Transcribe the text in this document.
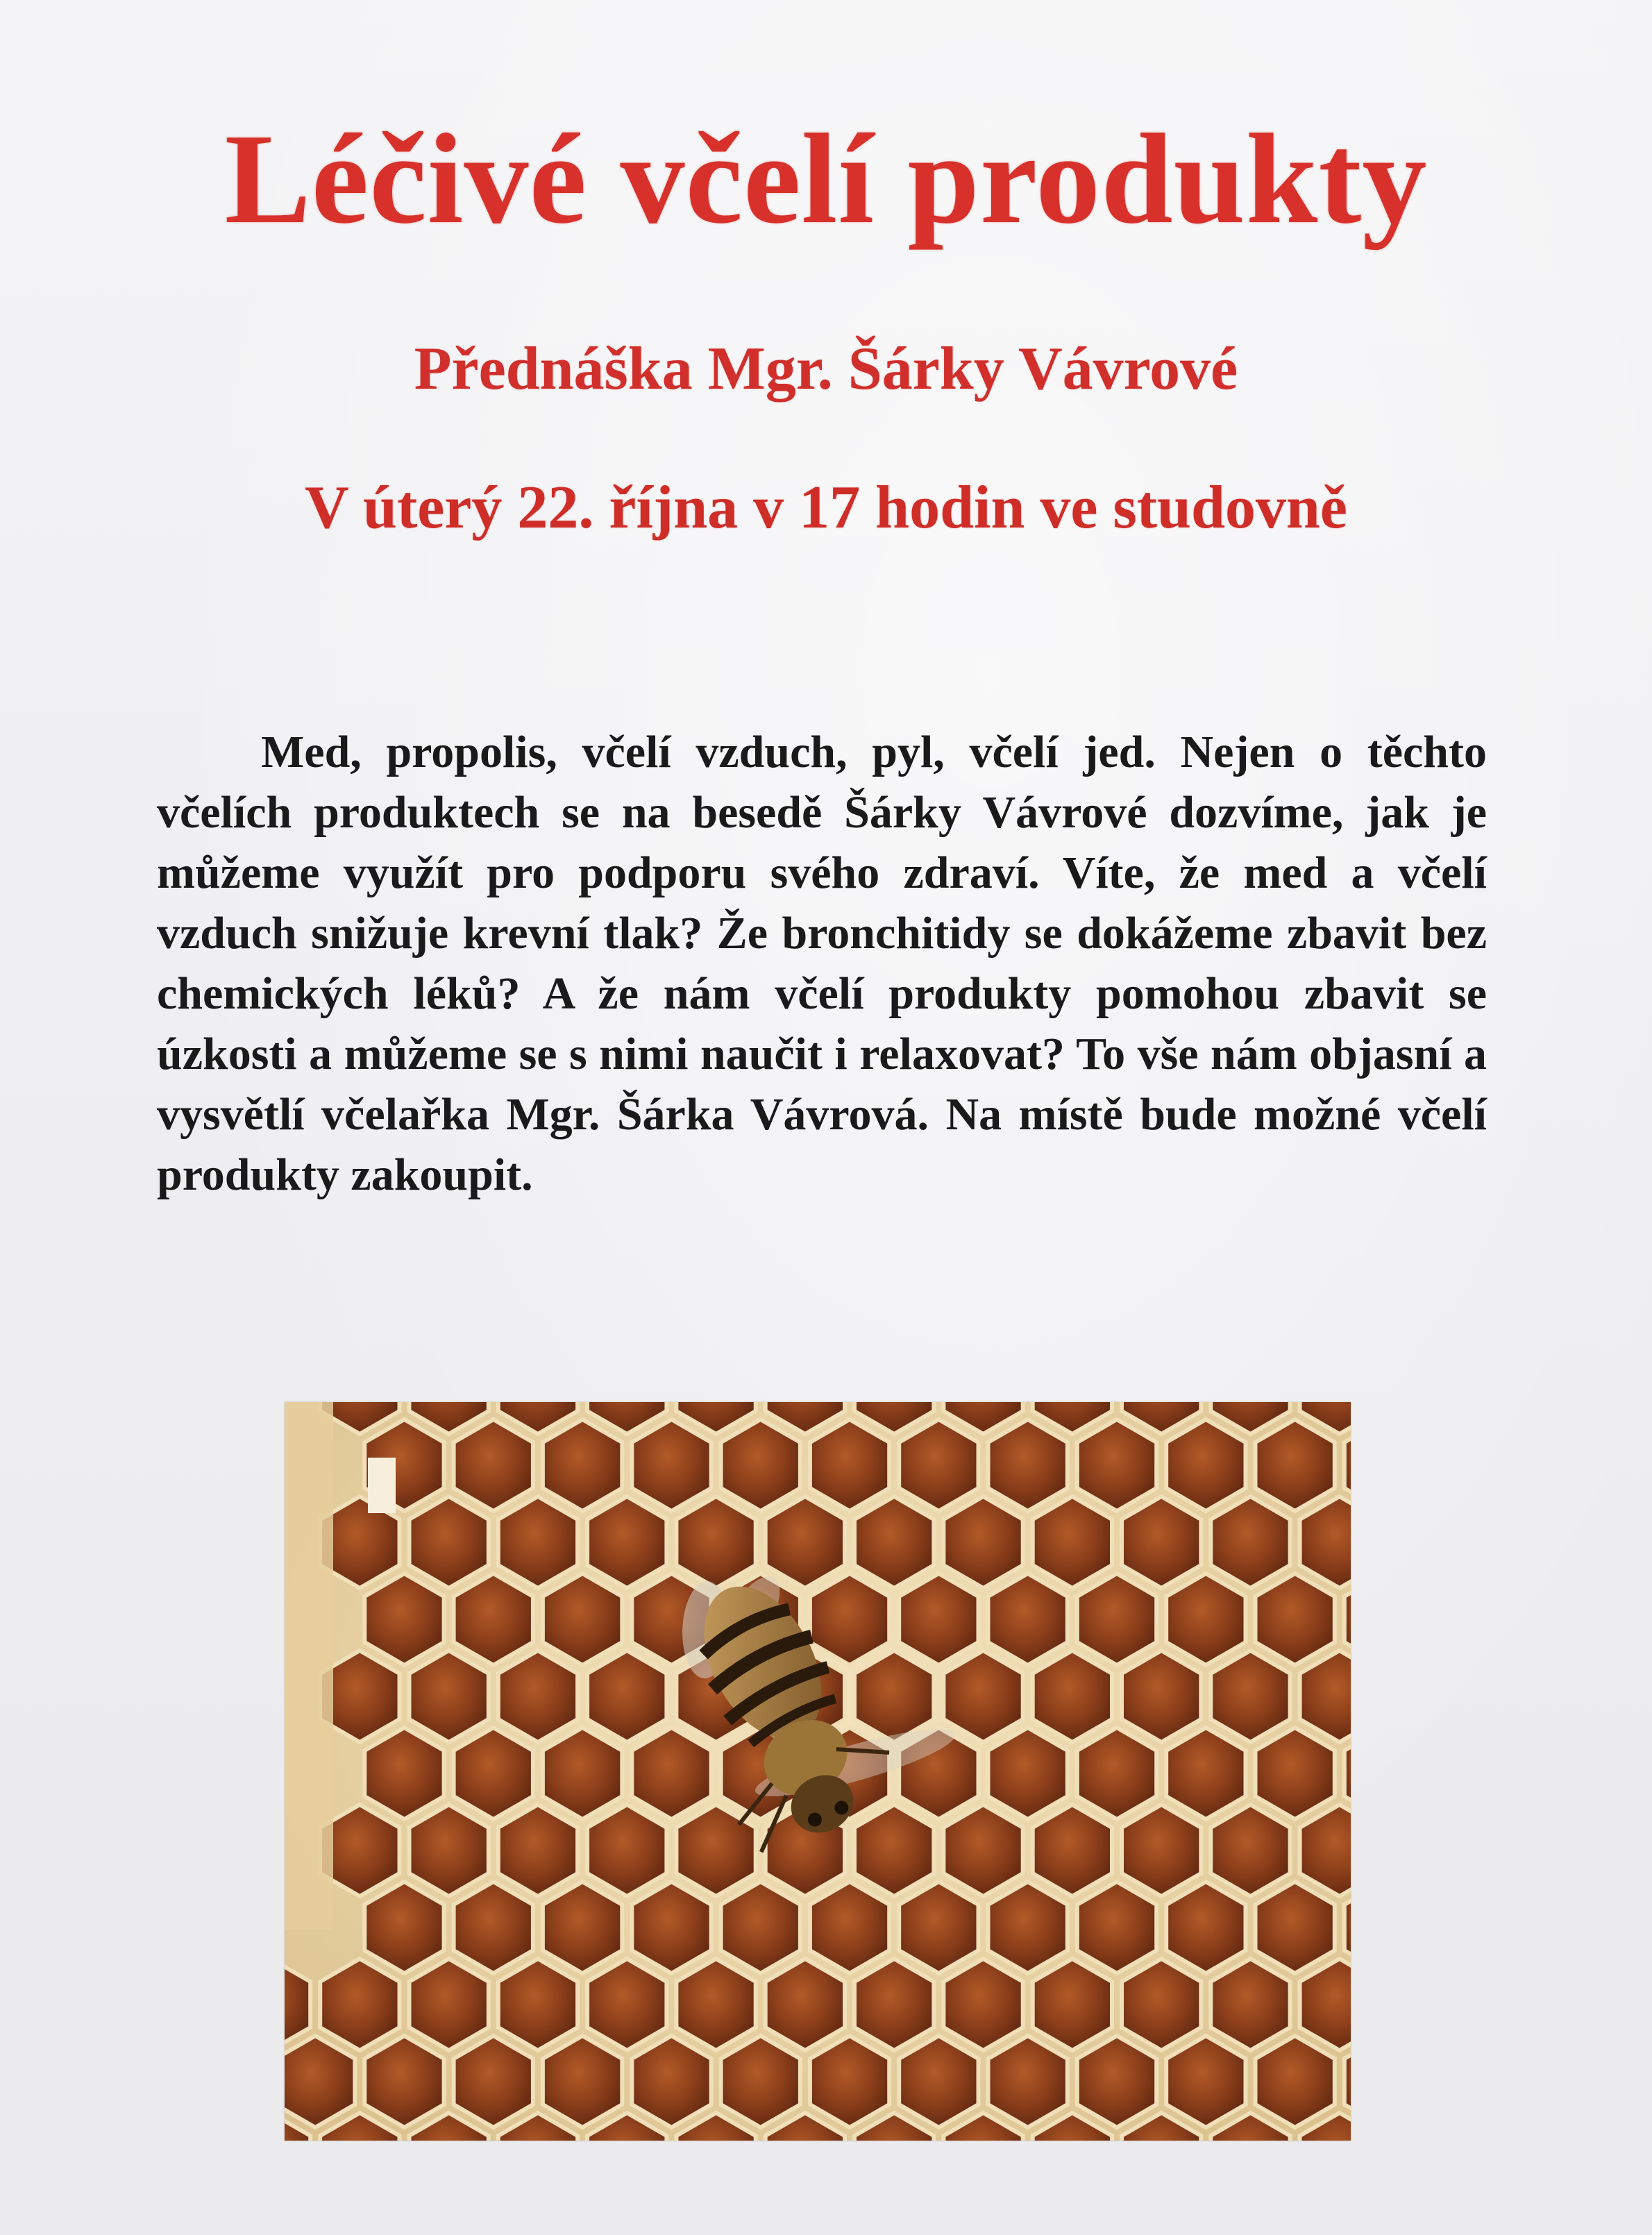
Léčivé včelí produkty
Přednáška Mgr. Šárky Vávrové
V úterý 22. října v 17 hodin ve studovně

Med, propolis, včelí vzduch, pyl, včelí jed. Nejen o těchto včelích produktech se na besedě Šárky Vávrové dozvíme, jak je můžeme využít pro podporu svého zdraví. Víte, že med a včelí vzduch snižuje krevní tlak? Že bronchitidy se dokážeme zbavit bez chemických léků? A že nám včelí produkty pomohou zbavit se úzkosti a můžeme se s nimi naučit i relaxovat? To vše nám objasní a vysvětlí včelařka Mgr. Šárka Vávrová. Na místě bude možné včelí produkty zakoupit.
